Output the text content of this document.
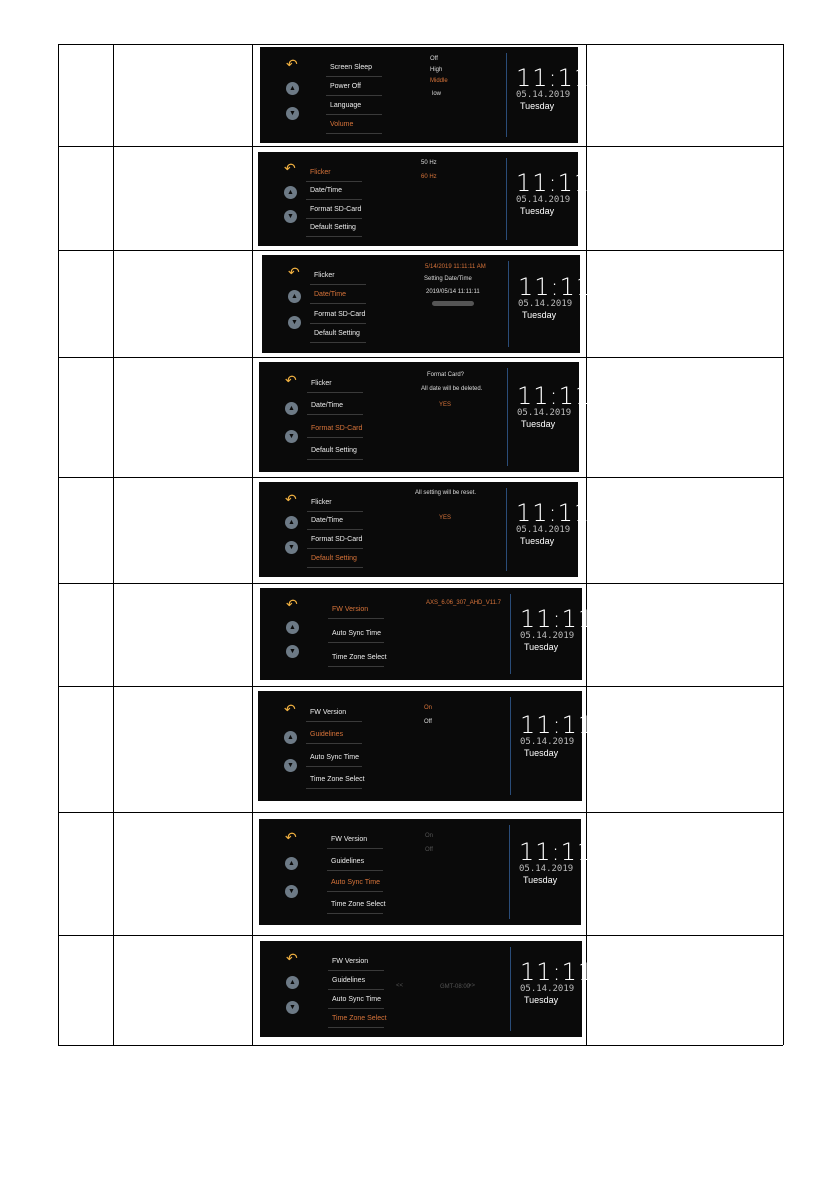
↶
▲
▼
Screen Sleep
Power Off
Language
Volume
Off
High
Middle
low
11:11 AM
05.14.2019
Tuesday
↶
▲
▼
Flicker
Date/Time
Format SD-Card
Default Setting
50 Hz
60 Hz	11:11 AM
05.14.2019
Tuesday
↶
▲
▼
Flicker
Date/Time
Format SD-Card
Default Setting
5/14/2019 11:11:11 AM
Setting Date/Time
2019/05/14 11:11:11 11:11 AM
05.14.2019
Tuesday
↶
▲
▼
Flicker
Date/Time
Format SD-Card
Default Setting
Format Card?
All date will be deleted.
YES	11:11 AM
05.14.2019
Tuesday
↶
▲
▼
Flicker
Date/Time
Format SD-Card
Default Setting
All setting will be reset.
YES	11:11 AM
05.14.2019
Tuesday
↶
▲
▼
FW Version
Auto Sync Time
Time Zone Select
AXS_6.06_307_AHD_V11.7
11:11 AM
05.14.2019
Tuesday
↶
▲
▼
FW Version
Guidelines
Auto Sync Time
Time Zone Select
On
Off	11:11 AM
05.14.2019
Tuesday
↶
▲
▼
FW Version
Guidelines
Auto Sync Time
Time Zone Select
On
Off	11:11 AM
05.14.2019
Tuesday
↶
▲
▼
FW Version
Guidelines
Auto Sync Time
Time Zone Select
<<	GMT-08:00
>> 11:11 AM
05.14.2019
Tuesday
